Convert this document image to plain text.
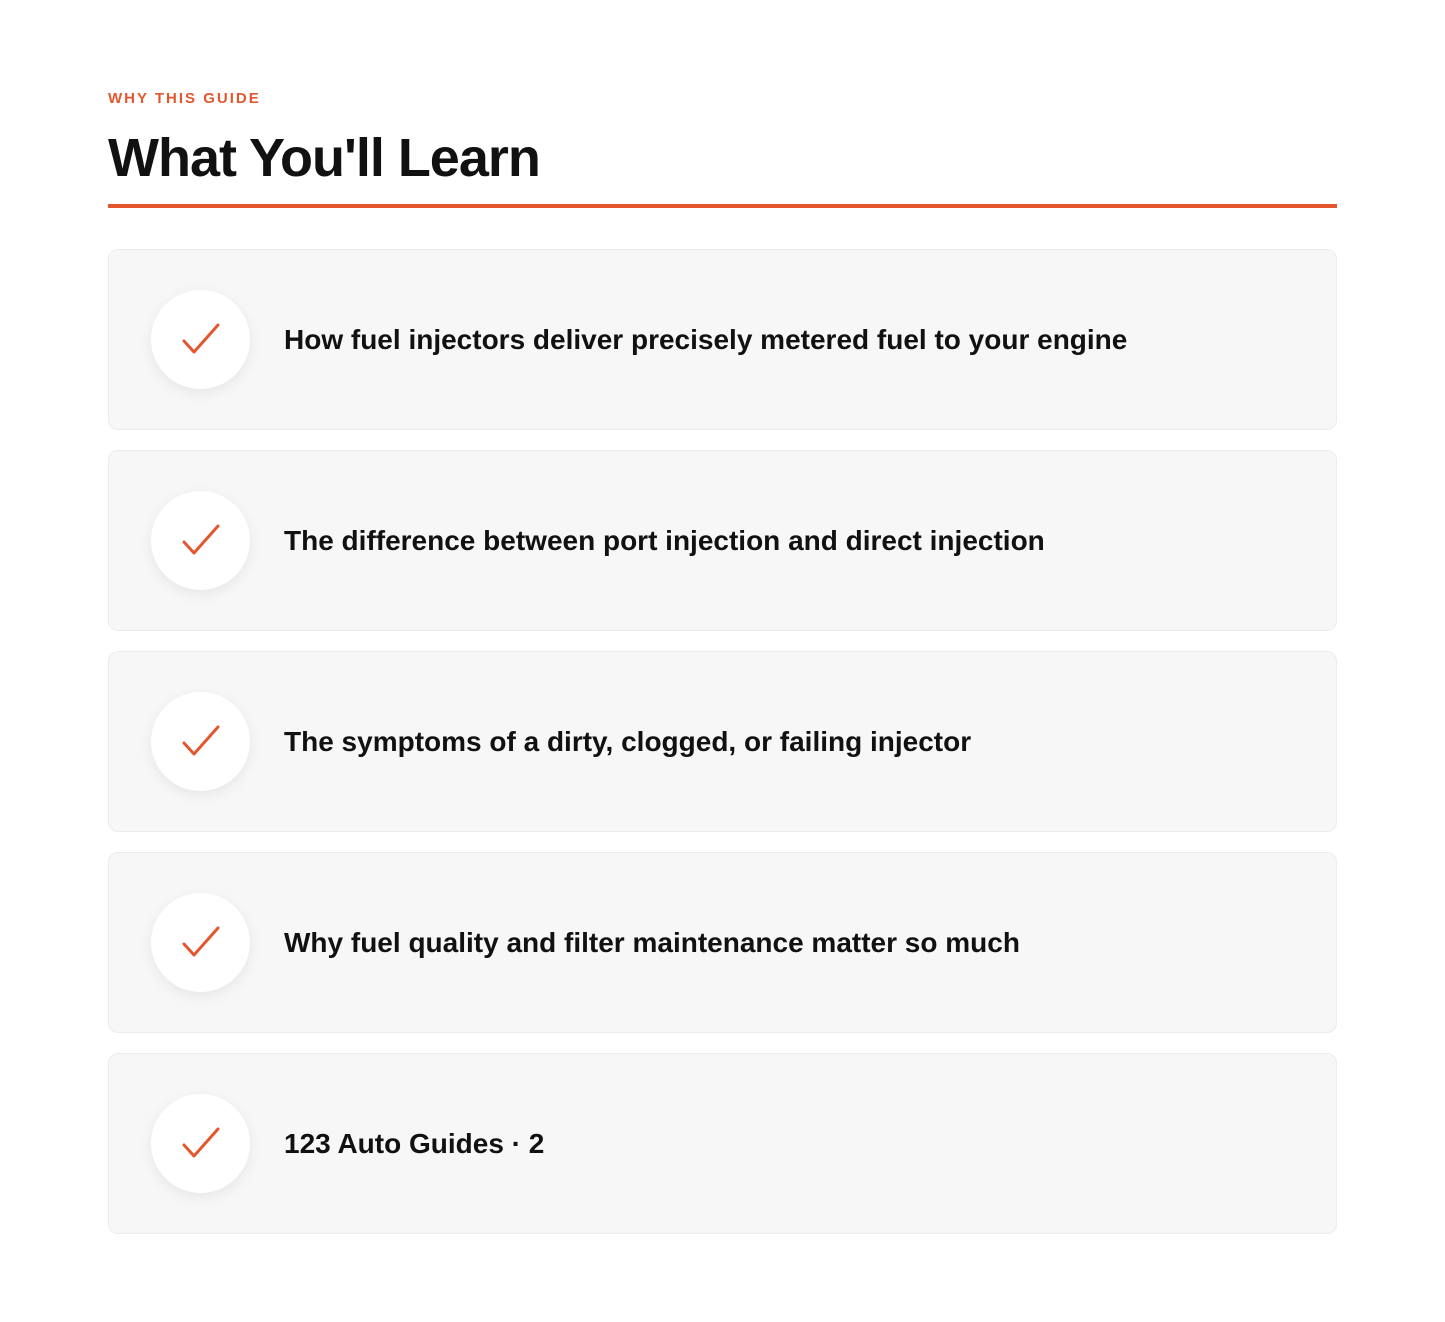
WHY THIS GUIDE
What You'll Learn
How fuel injectors deliver precisely metered fuel to your engine
The difference between port injection and direct injection
The symptoms of a dirty, clogged, or failing injector
Why fuel quality and filter maintenance matter so much
123 Auto Guides · 2
